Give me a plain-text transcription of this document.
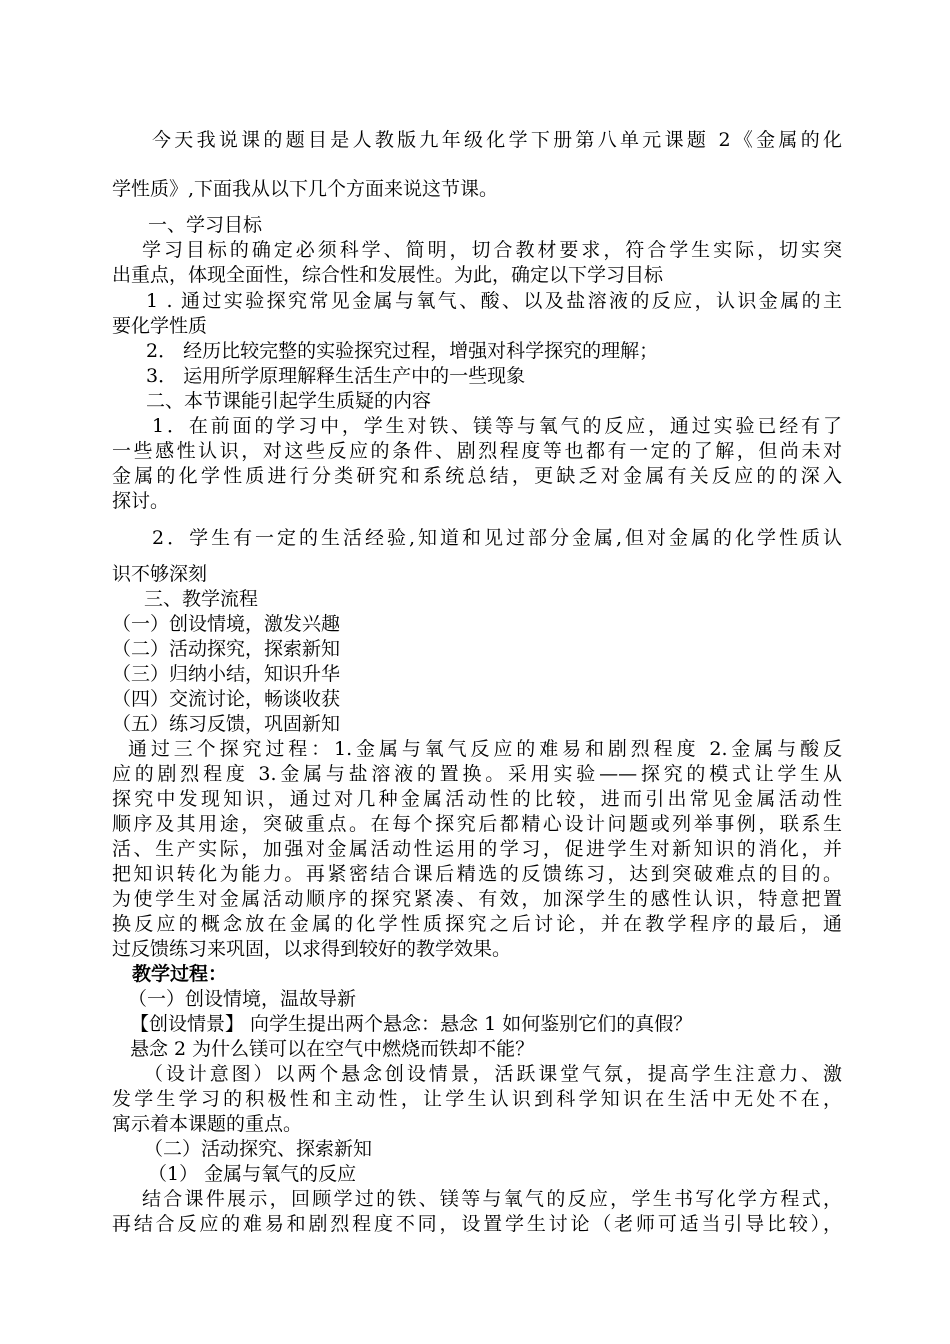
今天我说课的题目是人教版九年级化学下册第八单元课题 2《金属的化
学性质》,下面我从以下几个方面来说这节课。
一、学习目标
学习目标的确定必须科学、简明，切合教材要求，符合学生实际，切实突
出重点，体现全面性，综合性和发展性。为此，确定以下学习目标
1 . 通过实验探究常见金属与氧气、酸、以及盐溶液的反应，认识金属的主
要化学性质
2． 经历比较完整的实验探究过程，增强对科学探究的理解；
3． 运用所学原理解释生活生产中的一些现象
二、本节课能引起学生质疑的内容
1．在前面的学习中，学生对铁、镁等与氧气的反应，通过实验已经有了
一些感性认识，对这些反应的条件、剧烈程度等也都有一定的了解，但尚未对
金属的化学性质进行分类研究和系统总结，更缺乏对金属有关反应的的深入
探讨。
2．学生有一定的生活经验,知道和见过部分金属,但对金属的化学性质认
识不够深刻
三、教学流程
（一）创设情境，激发兴趣
（二）活动探究，探索新知
（三）归纳小结，知识升华
（四）交流讨论，畅谈收获
（五）练习反馈，巩固新知
通过三个探究过程：1.金属与氧气反应的难易和剧烈程度 2.金属与酸反
应的剧烈程度 3.金属与盐溶液的置换。采用实验——探究的模式让学生从
探究中发现知识，通过对几种金属活动性的比较，进而引出常见金属活动性
顺序及其用途，突破重点。在每个探究后都精心设计问题或列举事例，联系生
活、生产实际，加强对金属活动性运用的学习，促进学生对新知识的消化，并
把知识转化为能力。再紧密结合课后精选的反馈练习，达到突破难点的目的。
为使学生对金属活动顺序的探究紧凑、有效，加深学生的感性认识，特意把置
换反应的概念放在金属的化学性质探究之后讨论，并在教学程序的最后，通
过反馈练习来巩固，以求得到较好的教学效果。
教学过程：
（一）创设情境，温故导新
【创设情景】 向学生提出两个悬念：悬念 1 如何鉴别它们的真假？
悬念 2 为什么镁可以在空气中燃烧而铁却不能？
（设计意图）以两个悬念创设情景，活跃课堂气氛，提高学生注意力、激
发学生学习的积极性和主动性，让学生认识到科学知识在生活中无处不在，
寓示着本课题的重点。
（二）活动探究、探索新知
（1） 金属与氧气的反应
结合课件展示，回顾学过的铁、镁等与氧气的反应，学生书写化学方程式，
再结合反应的难易和剧烈程度不同，设置学生讨论（老师可适当引导比较），
